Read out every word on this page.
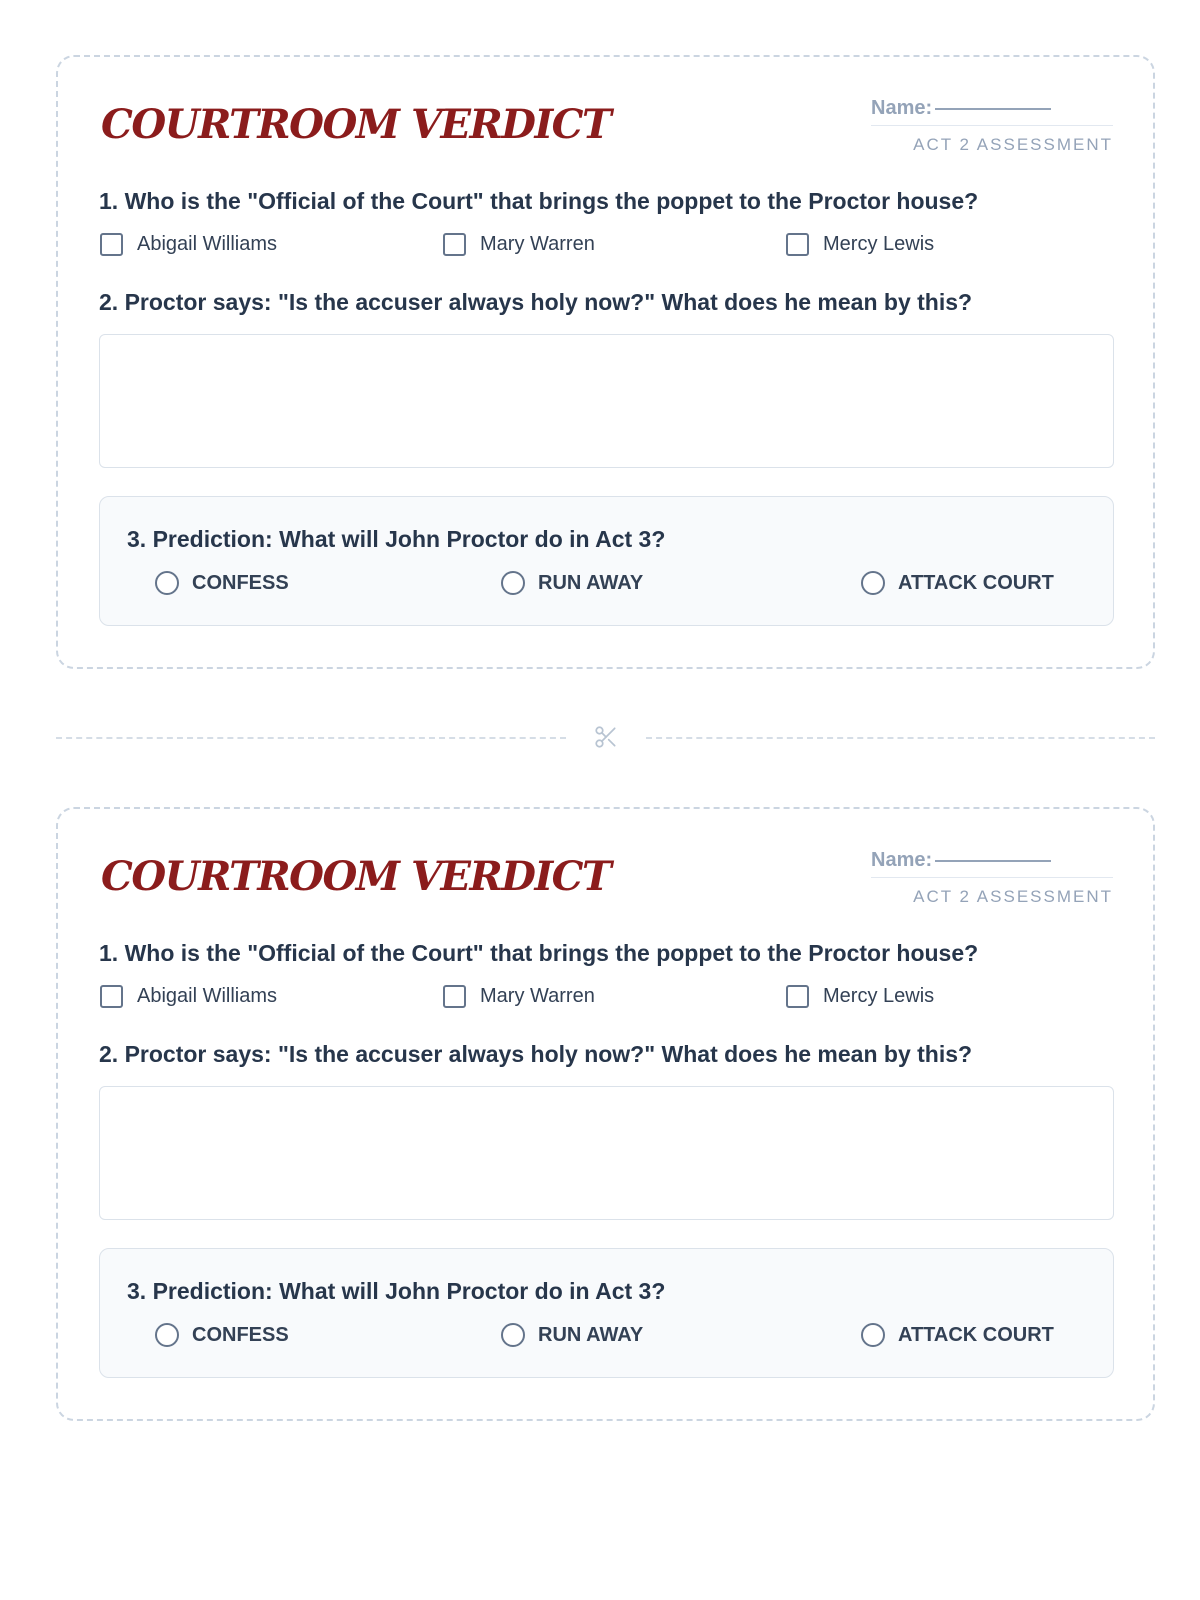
COURTROOM VERDICT	Name:
ACT 2 ASSESSMENT

1. Who is the "Official of the Court" that brings the poppet to the Proctor house?

Abigail Williams	Mary Warren	Mercy Lewis

2. Proctor says: "Is the accuser always holy now?" What does he mean by this?

3. Prediction: What will John Proctor do in Act 3?

CONFESS	RUN AWAY	ATTACK COURT
COURTROOM VERDICT	Name:
ACT 2 ASSESSMENT

1. Who is the "Official of the Court" that brings the poppet to the Proctor house?

Abigail Williams	Mary Warren	Mercy Lewis

2. Proctor says: "Is the accuser always holy now?" What does he mean by this?

3. Prediction: What will John Proctor do in Act 3?

CONFESS	RUN AWAY	ATTACK COURT
